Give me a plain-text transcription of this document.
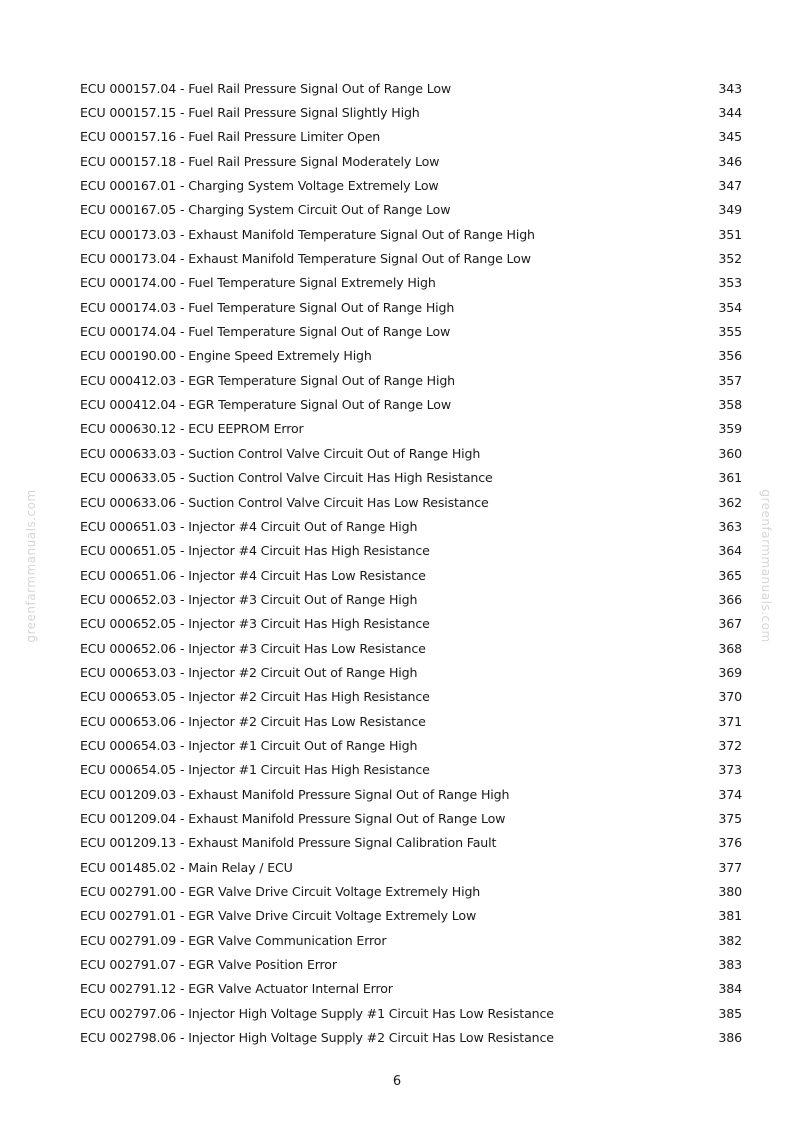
greenfarmmanuals.com	greenfarmmanuals.com
ECU 000157.04 - Fuel Rail Pressure Signal Out of Range Low	343
ECU 000157.15 - Fuel Rail Pressure Signal Slightly High	344
ECU 000157.16 - Fuel Rail Pressure Limiter Open	345
ECU 000157.18 - Fuel Rail Pressure Signal Moderately Low	346
ECU 000167.01 - Charging System Voltage Extremely Low	347
ECU 000167.05 - Charging System Circuit Out of Range Low	349
ECU 000173.03 - Exhaust Manifold Temperature Signal Out of Range High	351
ECU 000173.04 - Exhaust Manifold Temperature Signal Out of Range Low	352
ECU 000174.00 - Fuel Temperature Signal Extremely High	353
ECU 000174.03 - Fuel Temperature Signal Out of Range High	354
ECU 000174.04 - Fuel Temperature Signal Out of Range Low	355
ECU 000190.00 - Engine Speed Extremely High	356
ECU 000412.03 - EGR Temperature Signal Out of Range High	357
ECU 000412.04 - EGR Temperature Signal Out of Range Low	358
ECU 000630.12 - ECU EEPROM Error	359
ECU 000633.03 - Suction Control Valve Circuit Out of Range High	360
ECU 000633.05 - Suction Control Valve Circuit Has High Resistance	361
ECU 000633.06 - Suction Control Valve Circuit Has Low Resistance	362
ECU 000651.03 - Injector #4 Circuit Out of Range High	363
ECU 000651.05 - Injector #4 Circuit Has High Resistance	364
ECU 000651.06 - Injector #4 Circuit Has Low Resistance	365
ECU 000652.03 - Injector #3 Circuit Out of Range High	366
ECU 000652.05 - Injector #3 Circuit Has High Resistance	367
ECU 000652.06 - Injector #3 Circuit Has Low Resistance	368
ECU 000653.03 - Injector #2 Circuit Out of Range High	369
ECU 000653.05 - Injector #2 Circuit Has High Resistance	370
ECU 000653.06 - Injector #2 Circuit Has Low Resistance	371
ECU 000654.03 - Injector #1 Circuit Out of Range High	372
ECU 000654.05 - Injector #1 Circuit Has High Resistance	373
ECU 001209.03 - Exhaust Manifold Pressure Signal Out of Range High	374
ECU 001209.04 - Exhaust Manifold Pressure Signal Out of Range Low	375
ECU 001209.13 - Exhaust Manifold Pressure Signal Calibration Fault	376
ECU 001485.02 - Main Relay / ECU	377
ECU 002791.00 - EGR Valve Drive Circuit Voltage Extremely High	380
ECU 002791.01 - EGR Valve Drive Circuit Voltage Extremely Low	381
ECU 002791.09 - EGR Valve Communication Error	382
ECU 002791.07 - EGR Valve Position Error	383
ECU 002791.12 - EGR Valve Actuator Internal Error	384
ECU 002797.06 - Injector High Voltage Supply #1 Circuit Has Low Resistance	385
ECU 002798.06 - Injector High Voltage Supply #2 Circuit Has Low Resistance	386
6
